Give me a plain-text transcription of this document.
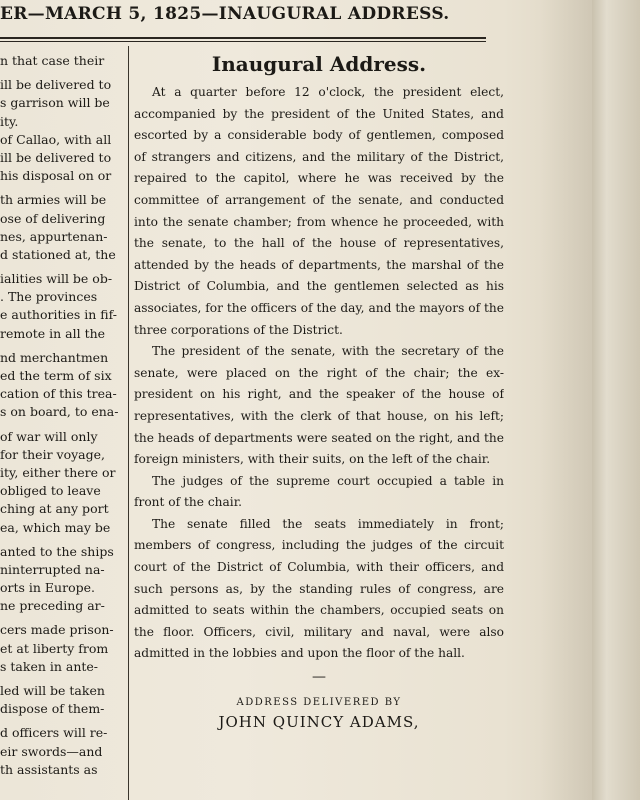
ER—MARCH 5, 1825—INAUGURAL ADDRESS.
n that case their
ill be delivered to
s garrison will be
ity.
of Callao, with all
ill be delivered to
his disposal on or
th armies will be
ose of delivering
nes, appurtenan-
d stationed at, the
ialities will be ob-
. The provinces
e authorities in fif-
remote in all the
nd merchantmen
ed the term of six
cation of this trea-
s on board, to ena-
of war will only
for their voyage,
ity, either there or
obliged to leave
ching at any port
ea, which may be
anted to the ships
ninterrupted na-
orts in Europe.
ne preceding ar-
cers made prison-
et at liberty from
s taken in ante-
led will be taken
dispose of them-
d officers will re-
eir swords—and
th assistants as
Inaugural Address.

At a quarter before 12 o'clock, the president elect, accompanied by the president of the United States, and escorted by a considerable body of gentlemen, composed of strangers and citizens, and the military of the District, repaired to the capitol, where he was received by the committee of arrangement of the senate, and conducted into the senate chamber; from whence he proceeded, with the senate, to the hall of the house of representatives, attended by the heads of departments, the marshal of the District of Columbia, and the gentlemen selected as his associates, for the officers of the day, and the mayors of the three corporations of the District.

The president of the senate, with the secretary of the senate, were placed on the right of the chair; the ex-president on his right, and the speaker of the house of representatives, with the clerk of that house, on his left; the heads of departments were seated on the right, and the foreign ministers, with their suits, on the left of the chair.

The judges of the supreme court occupied a table in front of the chair.

The senate filled the seats immediately in front; members of congress, including the judges of the circuit court of the District of Columbia, with their officers, and such persons as, by the standing rules of congress, are admitted to seats within the chambers, occupied seats on the floor. Officers, civil, military and naval, were also admitted in the lobbies and upon the floor of the hall.

—
ADDRESS DELIVERED BY
JOHN QUINCY ADAMS,
